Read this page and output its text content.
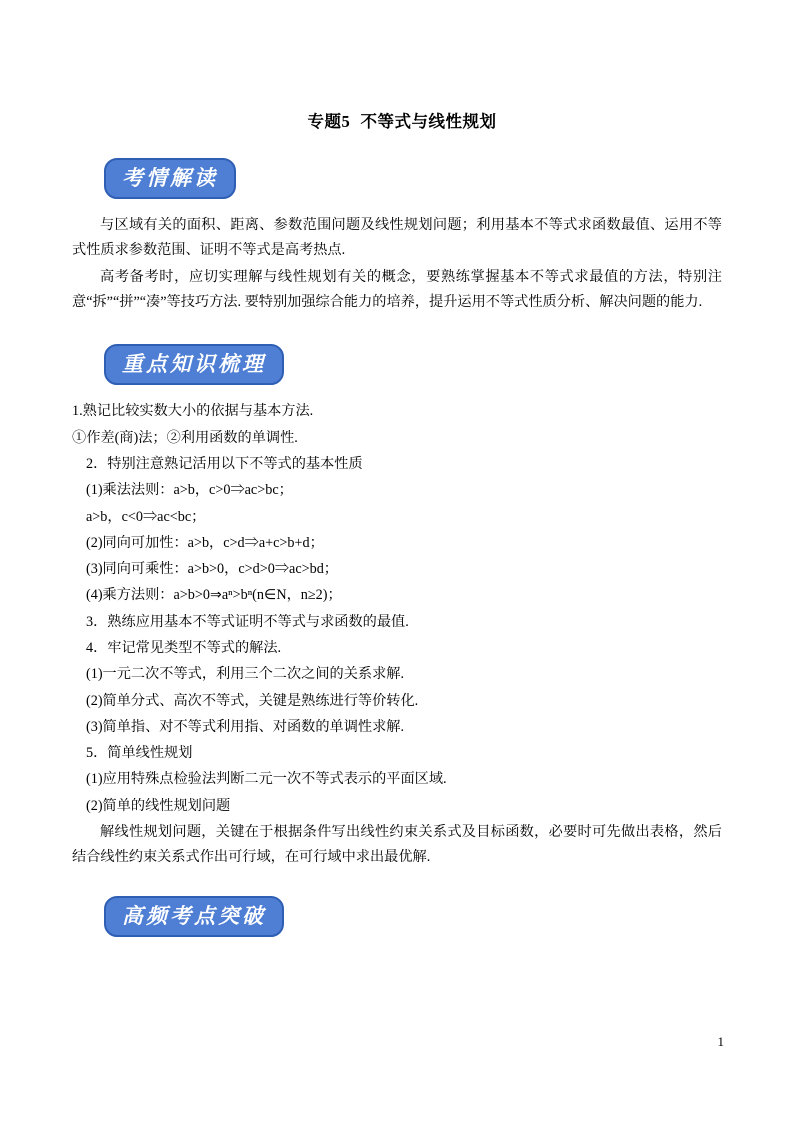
专题5 不等式与线性规划
考情解读

与区域有关的面积、距离、参数范围问题及线性规划问题；利用基本不等式求函数最值、运用不等式性质求参数范围、证明不等式是高考热点.

高考备考时，应切实理解与线性规划有关的概念，要熟练掌握基本不等式求最值的方法，特别注意“拆”“拼”“凑”等技巧方法. 要特别加强综合能力的培养，提升运用不等式性质分析、解决问题的能力.

重点知识梳理

1.熟记比较实数大小的依据与基本方法.

①作差(商)法；②利用函数的单调性.

2．特别注意熟记活用以下不等式的基本性质

(1)乘法法则：a>b，c>0⇒ac>bc；

a>b，c<0⇒ac<bc；

(2)同向可加性：a>b，c>d⇒a+c>b+d；

(3)同向可乘性：a>b>0，c>d>0⇒ac>bd；

(4)乘方法则：a>b>0⇒aⁿ>bⁿ(n∈N，n≥2)；

3．熟练应用基本不等式证明不等式与求函数的最值.

4．牢记常见类型不等式的解法.

(1)一元二次不等式，利用三个二次之间的关系求解.

(2)简单分式、高次不等式，关键是熟练进行等价转化.

(3)简单指、对不等式利用指、对函数的单调性求解.

5．简单线性规划

(1)应用特殊点检验法判断二元一次不等式表示的平面区域.

(2)简单的线性规划问题

解线性规划问题，关键在于根据条件写出线性约束关系式及目标函数，必要时可先做出表格，然后结合线性约束关系式作出可行域，在可行域中求出最优解.

高频考点突破
1
